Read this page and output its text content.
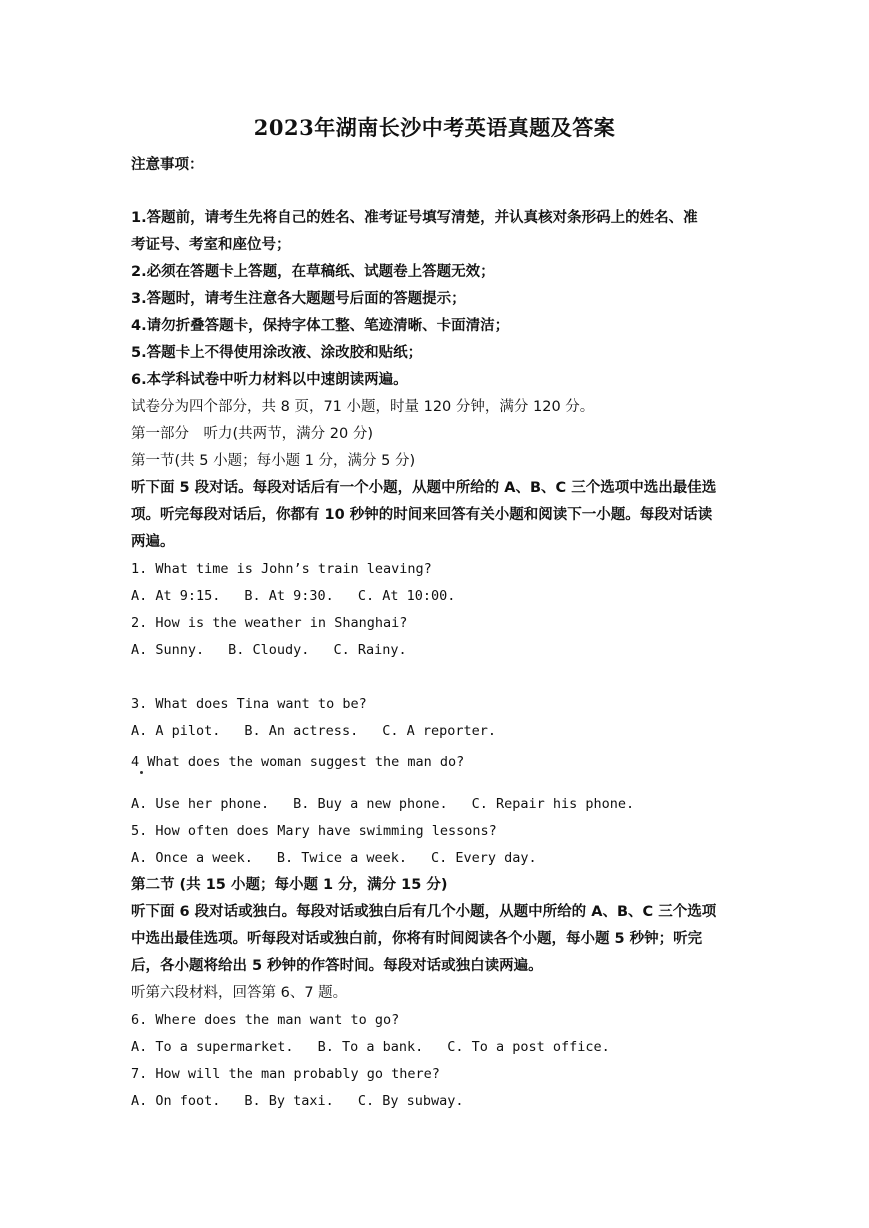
2023年湖南长沙中考英语真题及答案
注意事项：
1.答题前，请考生先将自己的姓名、准考证号填写清楚，并认真核对条形码上的姓名、准
考证号、考室和座位号；
2.必须在答题卡上答题，在草稿纸、试题卷上答题无效；
3.答题时，请考生注意各大题题号后面的答题提示；
4.请勿折叠答题卡，保持字体工整、笔迹清晰、卡面清洁；
5.答题卡上不得使用涂改液、涂改胶和贴纸；
6.本学科试卷中听力材料以中速朗读两遍。
试卷分为四个部分，共 8 页，71 小题，时量 120 分钟，满分 120 分。
第一部分　听力(共两节，满分 20 分)
第一节(共 5 小题；每小题 1 分，满分 5 分)
听下面 5 段对话。每段对话后有一个小题，从题中所给的 A、B、C 三个选项中选出最佳选
项。听完每段对话后，你都有 10 秒钟的时间来回答有关小题和阅读下一小题。每段对话读
两遍。
1. What time is John’s train leaving?
A. At 9:15. B. At 9:30. C. At 10:00.
2. How is the weather in Shanghai?
A. Sunny. B. Cloudy. C. Rainy.
3. What does Tina want to be?
A. A pilot. B. An actress. C. A reporter.
4 What does the woman suggest the man do?
A. Use her phone. B. Buy a new phone. C. Repair his phone.
5. How often does Mary have swimming lessons?
A. Once a week. B. Twice a week. C. Every day.
第二节 (共 15 小题；每小题 1 分，满分 15 分)
听下面 6 段对话或独白。每段对话或独白后有几个小题，从题中所给的 A、B、C 三个选项
中选出最佳选项。听每段对话或独白前，你将有时间阅读各个小题，每小题 5 秒钟；听完
后，各小题将给出 5 秒钟的作答时间。每段对话或独白读两遍。
听第六段材料，回答第 6、7 题。
6. Where does the man want to go?
A. To a supermarket. B. To a bank. C. To a post office.
7. How will the man probably go there?
A. On foot. B. By taxi. C. By subway.
